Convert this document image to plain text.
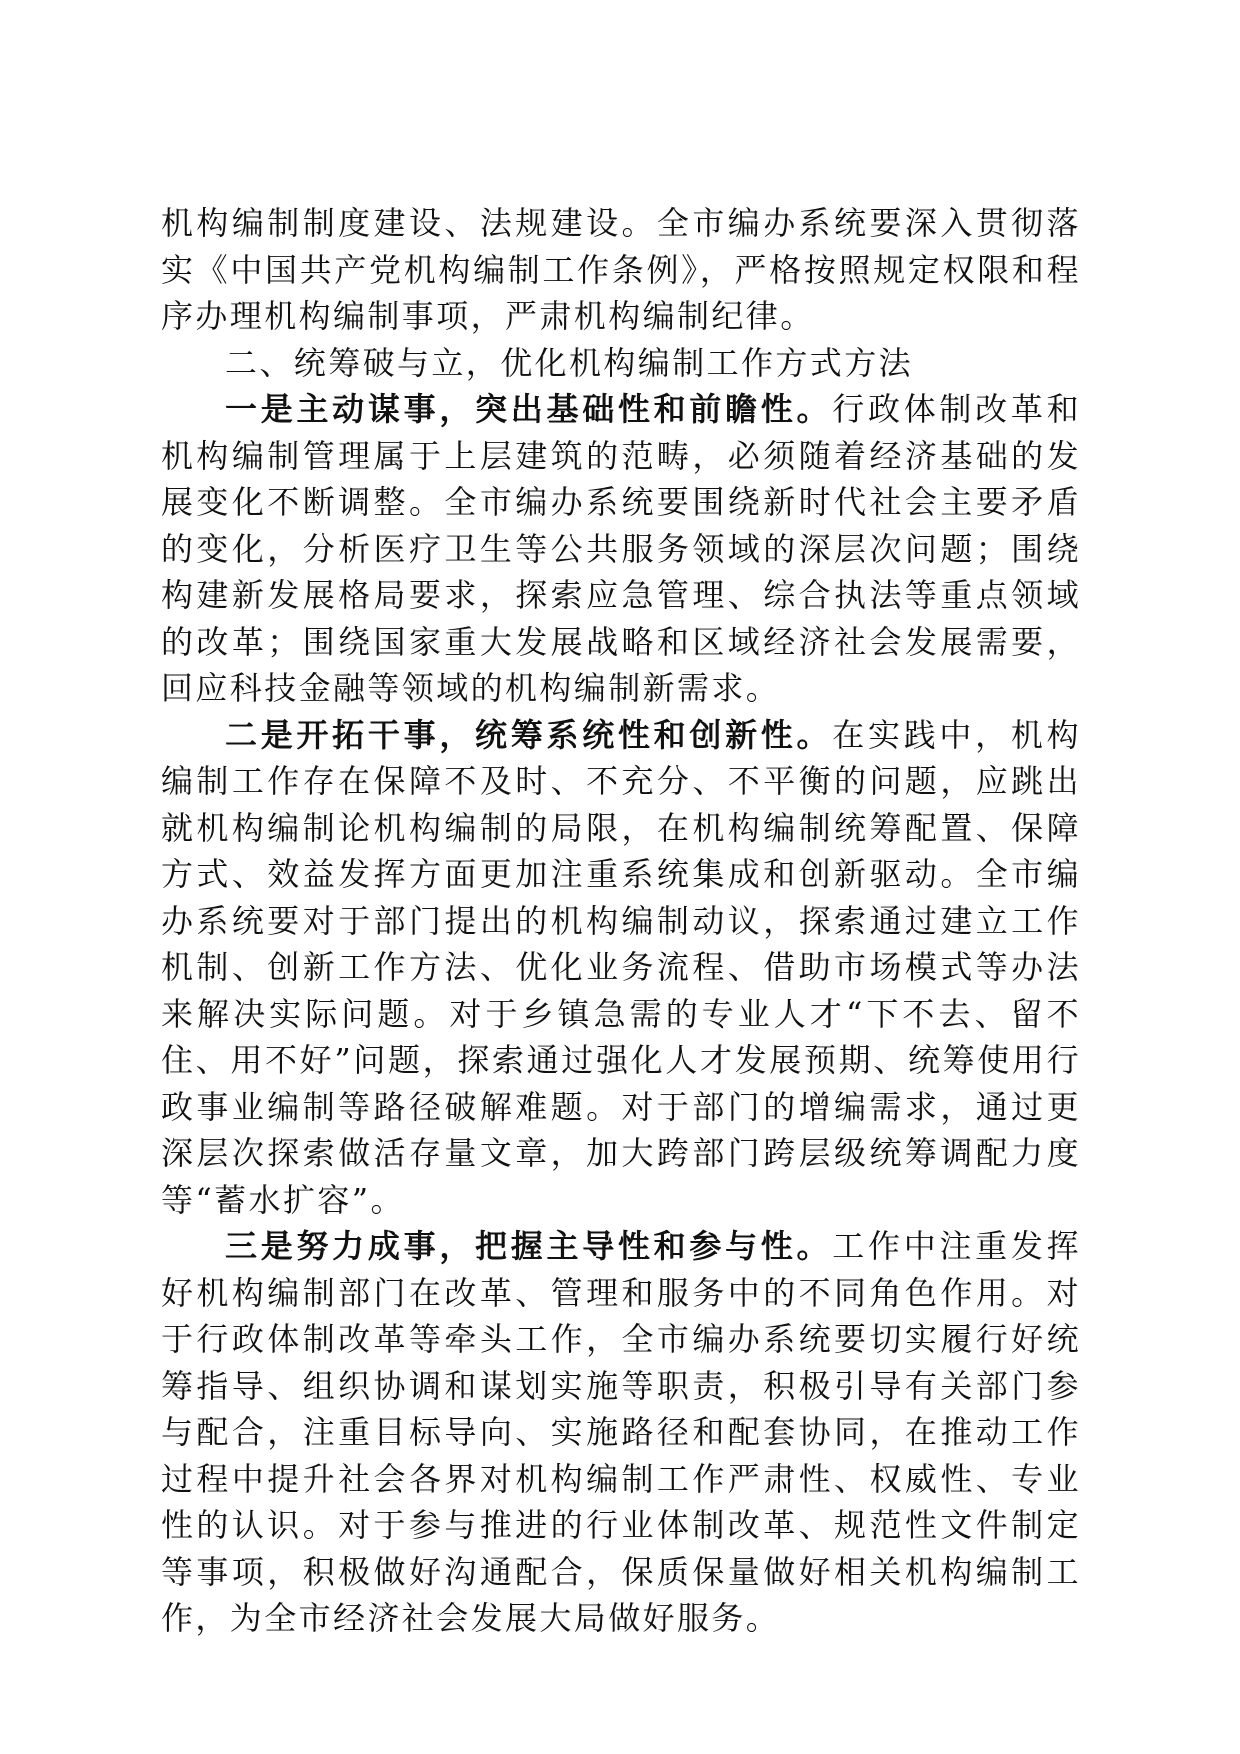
机构编制制度建设、法规建设。全市编办系统要深入贯彻落实《中国共产党机构编制工作条例》，严格按照规定权限和程序办理机构编制事项，严肃机构编制纪律。

二、统筹破与立，优化机构编制工作方式方法

一是主动谋事，突出基础性和前瞻性。行政体制改革和机构编制管理属于上层建筑的范畴，必须随着经济基础的发展变化不断调整。全市编办系统要围绕新时代社会主要矛盾的变化，分析医疗卫生等公共服务领域的深层次问题；围绕构建新发展格局要求，探索应急管理、综合执法等重点领域的改革；围绕国家重大发展战略和区域经济社会发展需要，回应科技金融等领域的机构编制新需求。

二是开拓干事，统筹系统性和创新性。在实践中，机构编制工作存在保障不及时、不充分、不平衡的问题，应跳出就机构编制论机构编制的局限，在机构编制统筹配置、保障方式、效益发挥方面更加注重系统集成和创新驱动。全市编办系统要对于部门提出的机构编制动议，探索通过建立工作机制、创新工作方法、优化业务流程、借助市场模式等办法来解决实际问题。对于乡镇急需的专业人才“下不去、留不住、用不好”问题，探索通过强化人才发展预期、统筹使用行政事业编制等路径破解难题。对于部门的增编需求，通过更深层次探索做活存量文章，加大跨部门跨层级统筹调配力度等“蓄水扩容”。

三是努力成事，把握主导性和参与性。工作中注重发挥好机构编制部门在改革、管理和服务中的不同角色作用。对于行政体制改革等牵头工作，全市编办系统要切实履行好统筹指导、组织协调和谋划实施等职责，积极引导有关部门参与配合，注重目标导向、实施路径和配套协同，在推动工作过程中提升社会各界对机构编制工作严肃性、权威性、专业性的认识。对于参与推进的行业体制改革、规范性文件制定等事项，积极做好沟通配合，保质保量做好相关机构编制工作，为全市经济社会发展大局做好服务。
